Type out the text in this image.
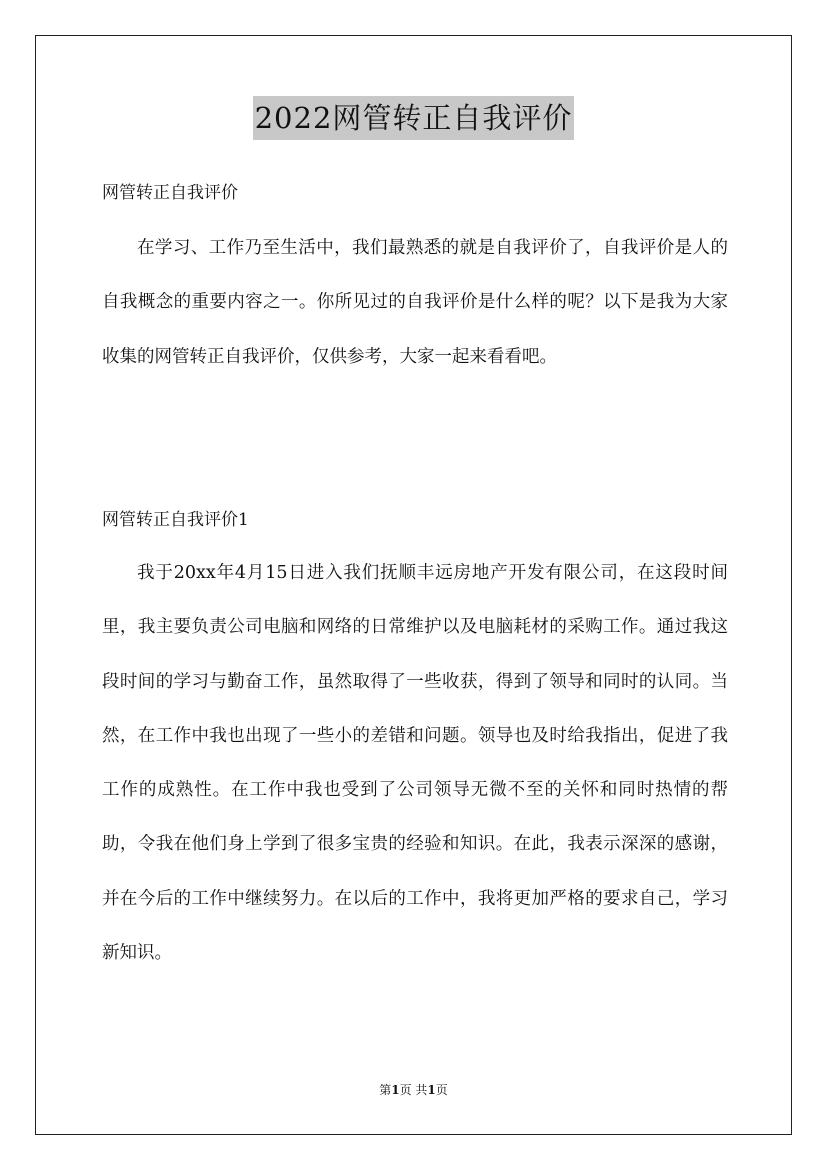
2022网管转正自我评价
网管转正自我评价

在学习、工作乃至生活中，我们最熟悉的就是自我评价了，自我评价是人的自我概念的重要内容之一。你所见过的自我评价是什么样的呢？以下是我为大家收集的网管转正自我评价，仅供参考，大家一起来看看吧。

网管转正自我评价1

我于20xx年4月15日进入我们抚顺丰远房地产开发有限公司，在这段时间里，我主要负责公司电脑和网络的日常维护以及电脑耗材的采购工作。通过我这段时间的学习与勤奋工作，虽然取得了一些收获，得到了领导和同时的认同。当然，在工作中我也出现了一些小的差错和问题。领导也及时给我指出，促进了我工作的成熟性。在工作中我也受到了公司领导无微不至的关怀和同时热情的帮助，令我在他们身上学到了很多宝贵的经验和知识。在此，我表示深深的感谢，并在今后的工作中继续努力。在以后的工作中，我将更加严格的要求自己，学习新知识。

第1页 共1页
